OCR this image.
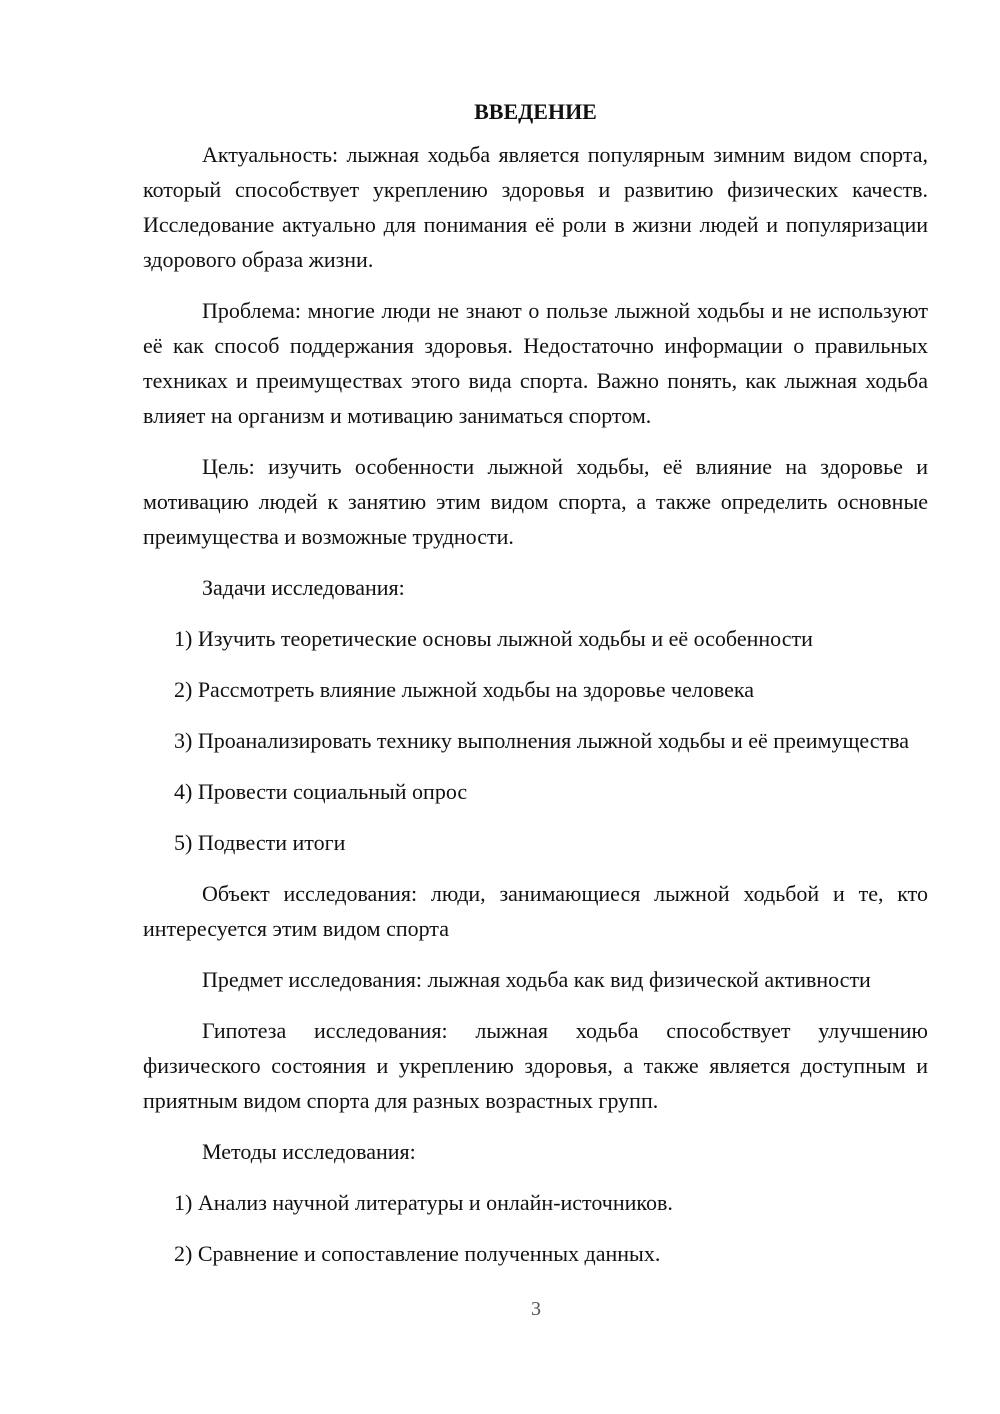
ВВЕДЕНИЕ

Актуальность: лыжная ходьба является популярным зимним видом спорта, который способствует укреплению здоровья и развитию физических качеств. Исследование актуально для понимания её роли в жизни людей и популяризации здорового образа жизни.

Проблема: многие люди не знают о пользе лыжной ходьбы и не используют её как способ поддержания здоровья. Недостаточно информации о правильных техниках и преимуществах этого вида спорта. Важно понять, как лыжная ходьба влияет на организм и мотивацию заниматься спортом.

Цель: изучить особенности лыжной ходьбы, её влияние на здоровье и мотивацию людей к занятию этим видом спорта, а также определить основные преимущества и возможные трудности.

Задачи исследования:

1) Изучить теоретические основы лыжной ходьбы и её особенности

2) Рассмотреть влияние лыжной ходьбы на здоровье человека

3) Проанализировать технику выполнения лыжной ходьбы и её преимущества

4) Провести социальный опрос

5) Подвести итоги

Объект исследования: люди, занимающиеся лыжной ходьбой и те, кто интересуется этим видом спорта

Предмет исследования: лыжная ходьба как вид физической активности

Гипотеза исследования: лыжная ходьба способствует улучшению физического состояния и укреплению здоровья, а также является доступным и приятным видом спорта для разных возрастных групп.

Методы исследования:

1) Анализ научной литературы и онлайн-источников.

2) Сравнение и сопоставление полученных данных.

3
